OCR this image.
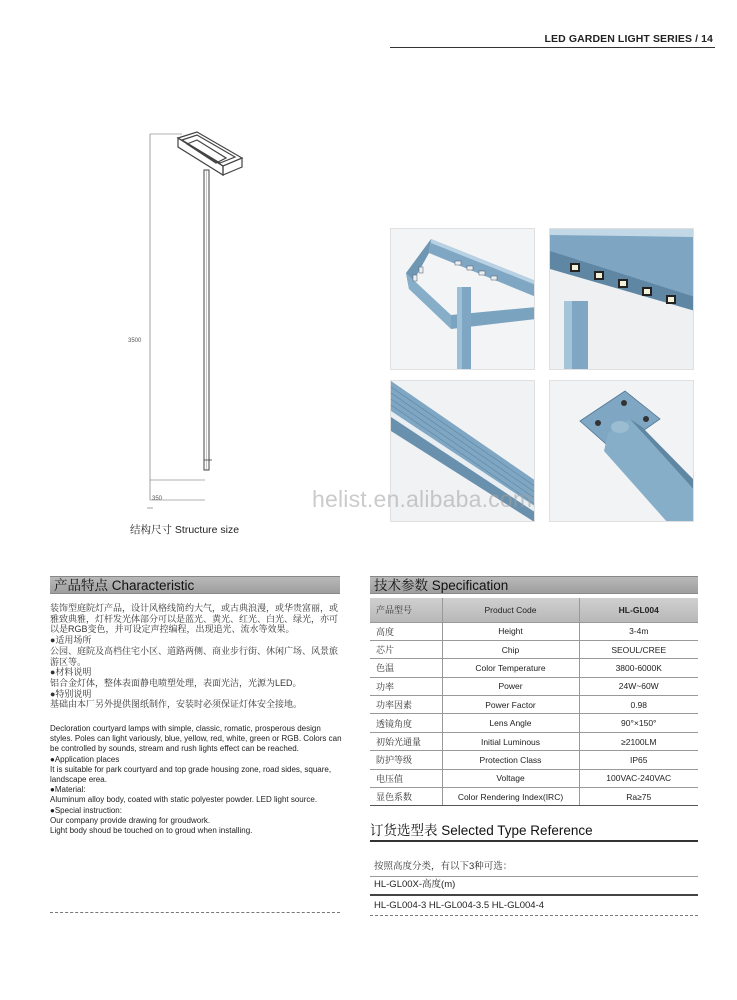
LED GARDEN LIGHT SERIES / 14
3500
350
结构尺寸 Structure size
helist.en.alibaba.com
产品特点 Characteristic
装饰型庭院灯产品，设计风格线简约大气，或古典浪漫，或华贵富丽，或雅致典雅，灯杆发光体部分可以是蓝光、黄光、红光、白光、绿光，亦可以是RGB变色，并可设定声控编程，出现追光、流水等效果。
●适用场所
公园、庭院及高档住宅小区、道路两侧、商业步行街、休闲广场、风景旅游区等。
●材料说明
铝合金灯体，整体表面静电喷塑处理，表面光洁，光源为LED。
●特别说明
基础由本厂另外提供图纸制作，安装时必须保证灯体安全接地。
Decloration courtyard lamps with simple, classic, romatic, prosperous design styles. Poles can light variously, blue, yellow, red, white, green or RGB. Colors can be controlled by sounds, stream and rush lights effect can be reached.
●Application places
It is suitable for park courtyard and top grade housing zone, road sides, square, landscape erea.
●Material:
Aluminum alloy body, coated with static polyester powder. LED light source.
●Special instruction:
Our company provide drawing for groudwork.
Light body shoud be touched on to groud when installing.
技术参数 Specification
产品型号	Product Code	HL-GL004
高度	Height	3-4m
芯片	Chip	SEOUL/CREE
色温	Color Temperature	3800-6000K
功率	Power	24W~60W
功率因素	Power Factor	0.98
透镜角度	Lens Angle	90°×150°
初始光通量	Initial Luminous	≥2100LM
防护等级	Protection Class	IP65
电压值	Voltage	100VAC-240VAC
显色系数	Color Rendering Index(IRC)	Ra≥75
订货选型表 Selected Type Reference
按照高度分类，有以下3种可选：
HL-GL00X-高度(m)
HL-GL004-3 HL-GL004-3.5 HL-GL004-4
